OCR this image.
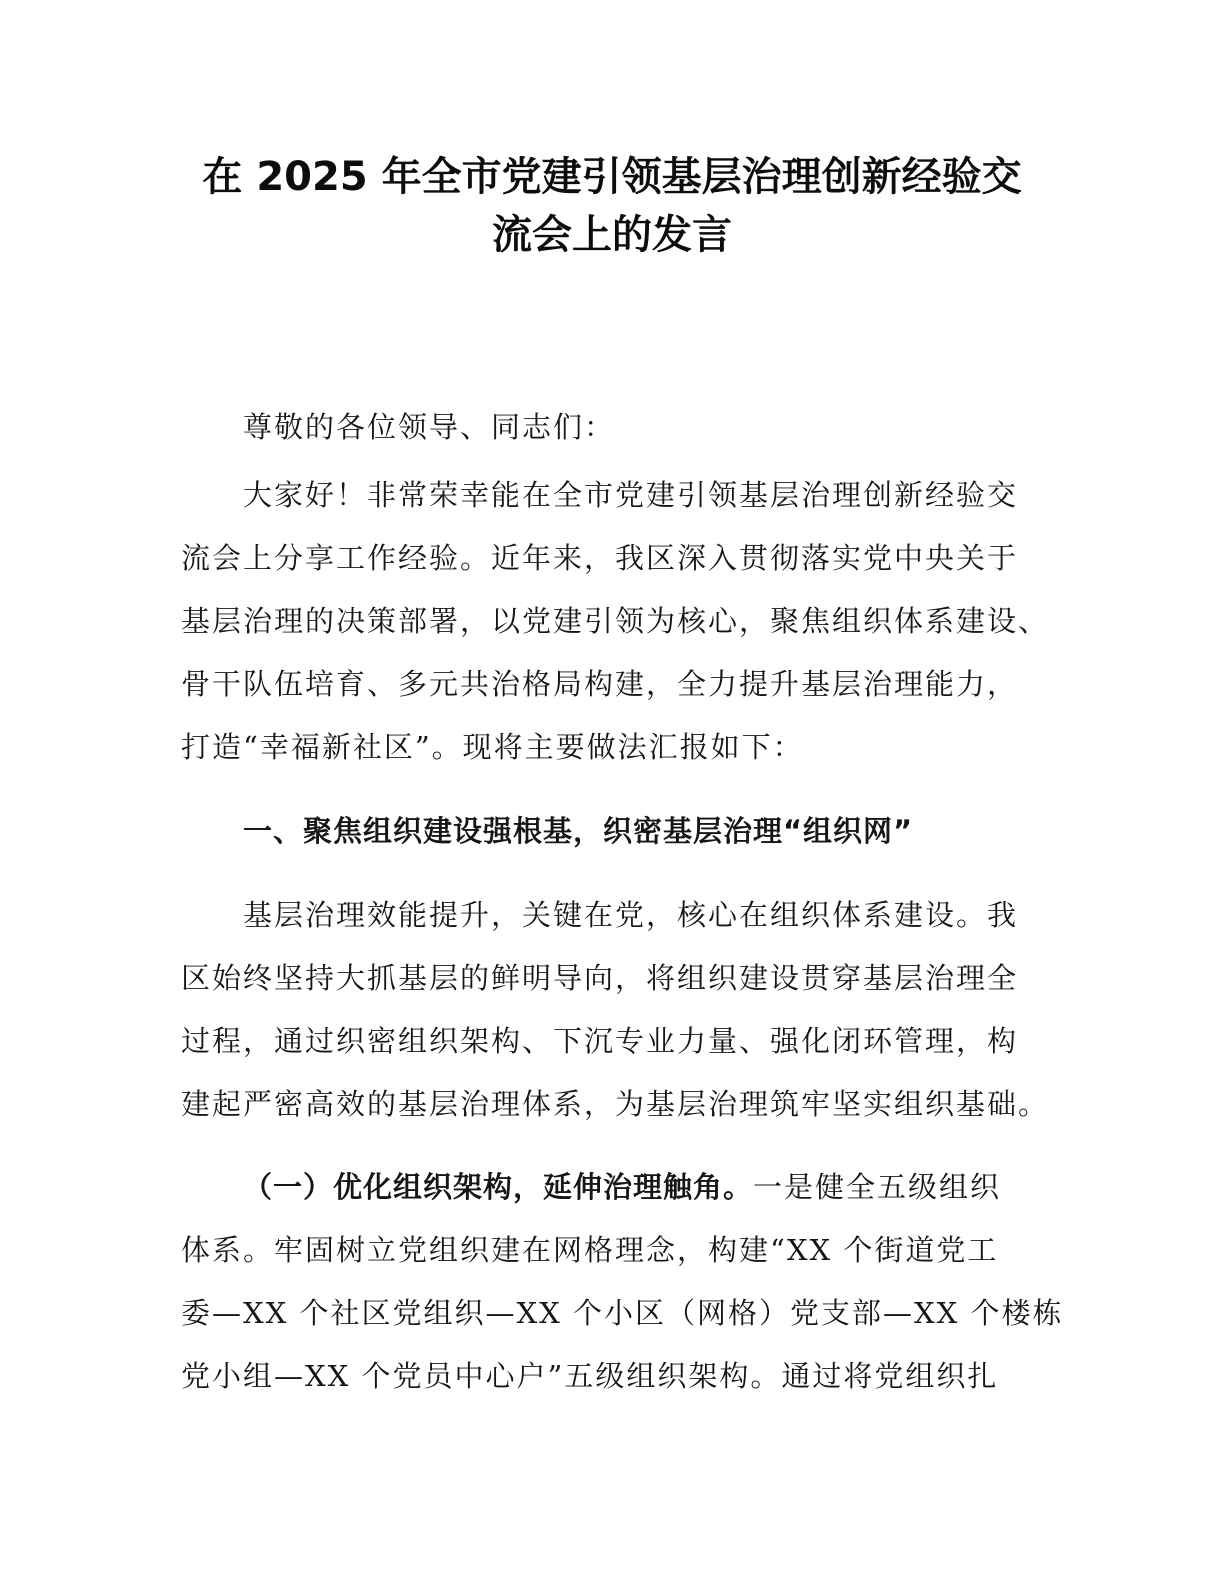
在 2025 年全市党建引领基层治理创新经验交
流会上的发言
尊敬的各位领导、同志们：
大家好！非常荣幸能在全市党建引领基层治理创新经验交
流会上分享工作经验。近年来，我区深入贯彻落实党中央关于
基层治理的决策部署，以党建引领为核心，聚焦组织体系建设、
骨干队伍培育、多元共治格局构建，全力提升基层治理能力，
打造“幸福新社区”。现将主要做法汇报如下：
一、聚焦组织建设强根基，织密基层治理“组织网”
基层治理效能提升，关键在党，核心在组织体系建设。我
区始终坚持大抓基层的鲜明导向，将组织建设贯穿基层治理全
过程，通过织密组织架构、下沉专业力量、强化闭环管理，构
建起严密高效的基层治理体系，为基层治理筑牢坚实组织基础。
（一）优化组织架构，延伸治理触角。一是健全五级组织
体系。牢固树立党组织建在网格理念，构建“XX 个街道党工
委—XX 个社区党组织—XX 个小区（网格）党支部—XX 个楼栋
党小组—XX 个党员中心户”五级组织架构。通过将党组织扎
